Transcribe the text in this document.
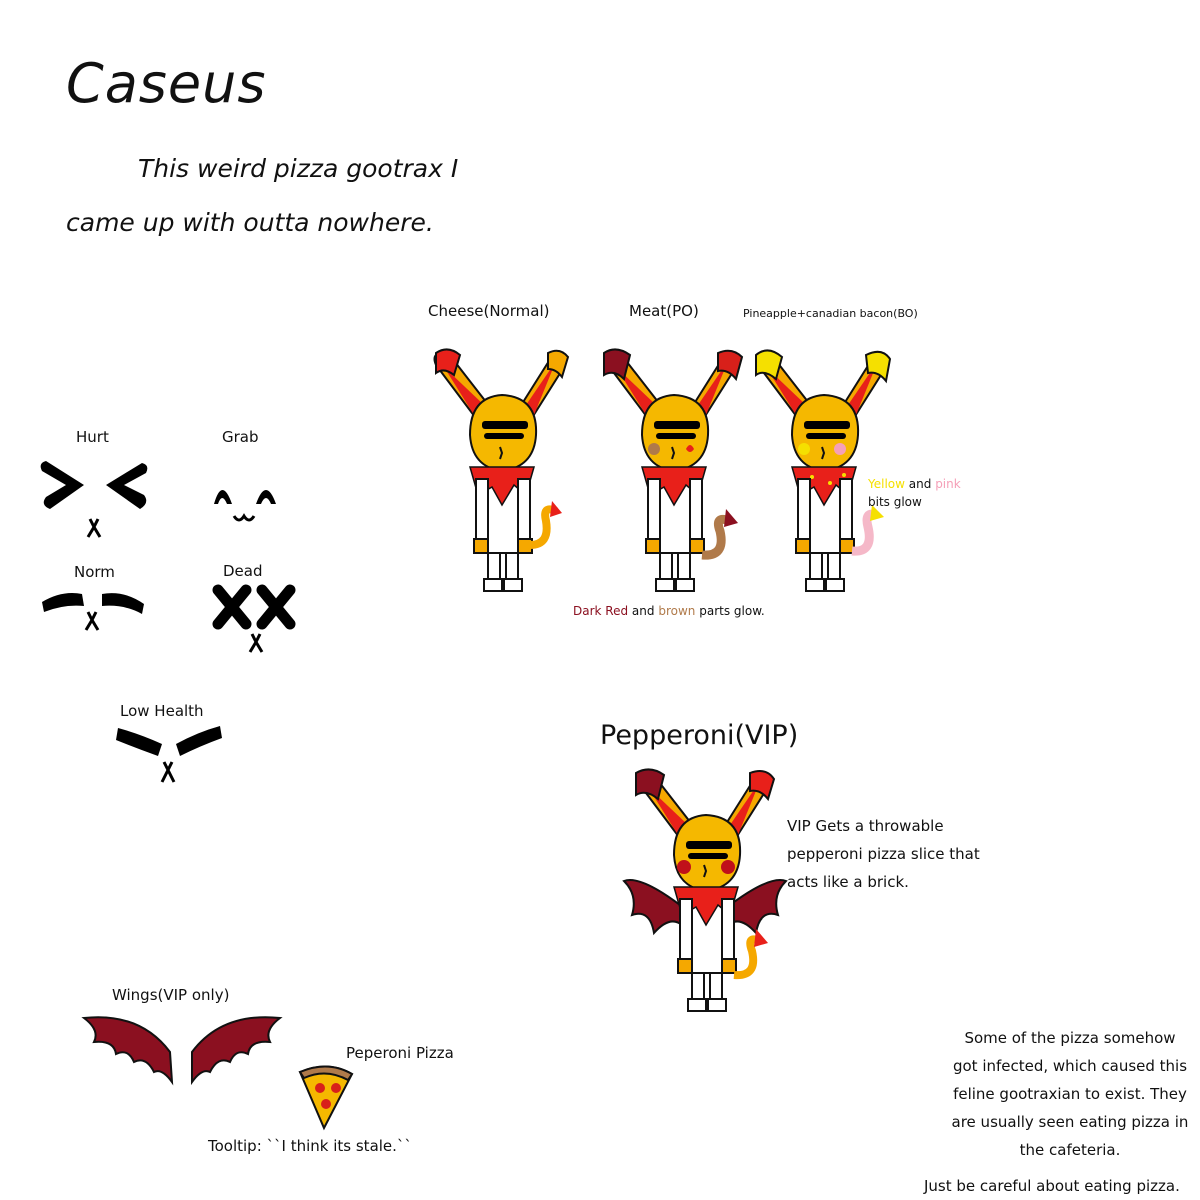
Caseus
This weird pizza gootrax I
came up with outta nowhere.
Hurt	Grab
Norm	Dead
Low Health
Cheese(Normal)	Meat(PO)	Pineapple+canadian bacon(BO)
Dark Red and brown parts glow.
Yellow and pink
bits glow
Pepperoni(VIP)
VIP Gets a throwable
pepperoni pizza slice that
acts like a brick.
Wings(VIP only)
Peperoni Pizza
Tooltip: ``I think its stale.``
Some of the pizza somehow
got infected, which caused this
feline gootraxian to exist. They
are usually seen eating pizza in
the cafeteria.
Just be careful about eating pizza.
